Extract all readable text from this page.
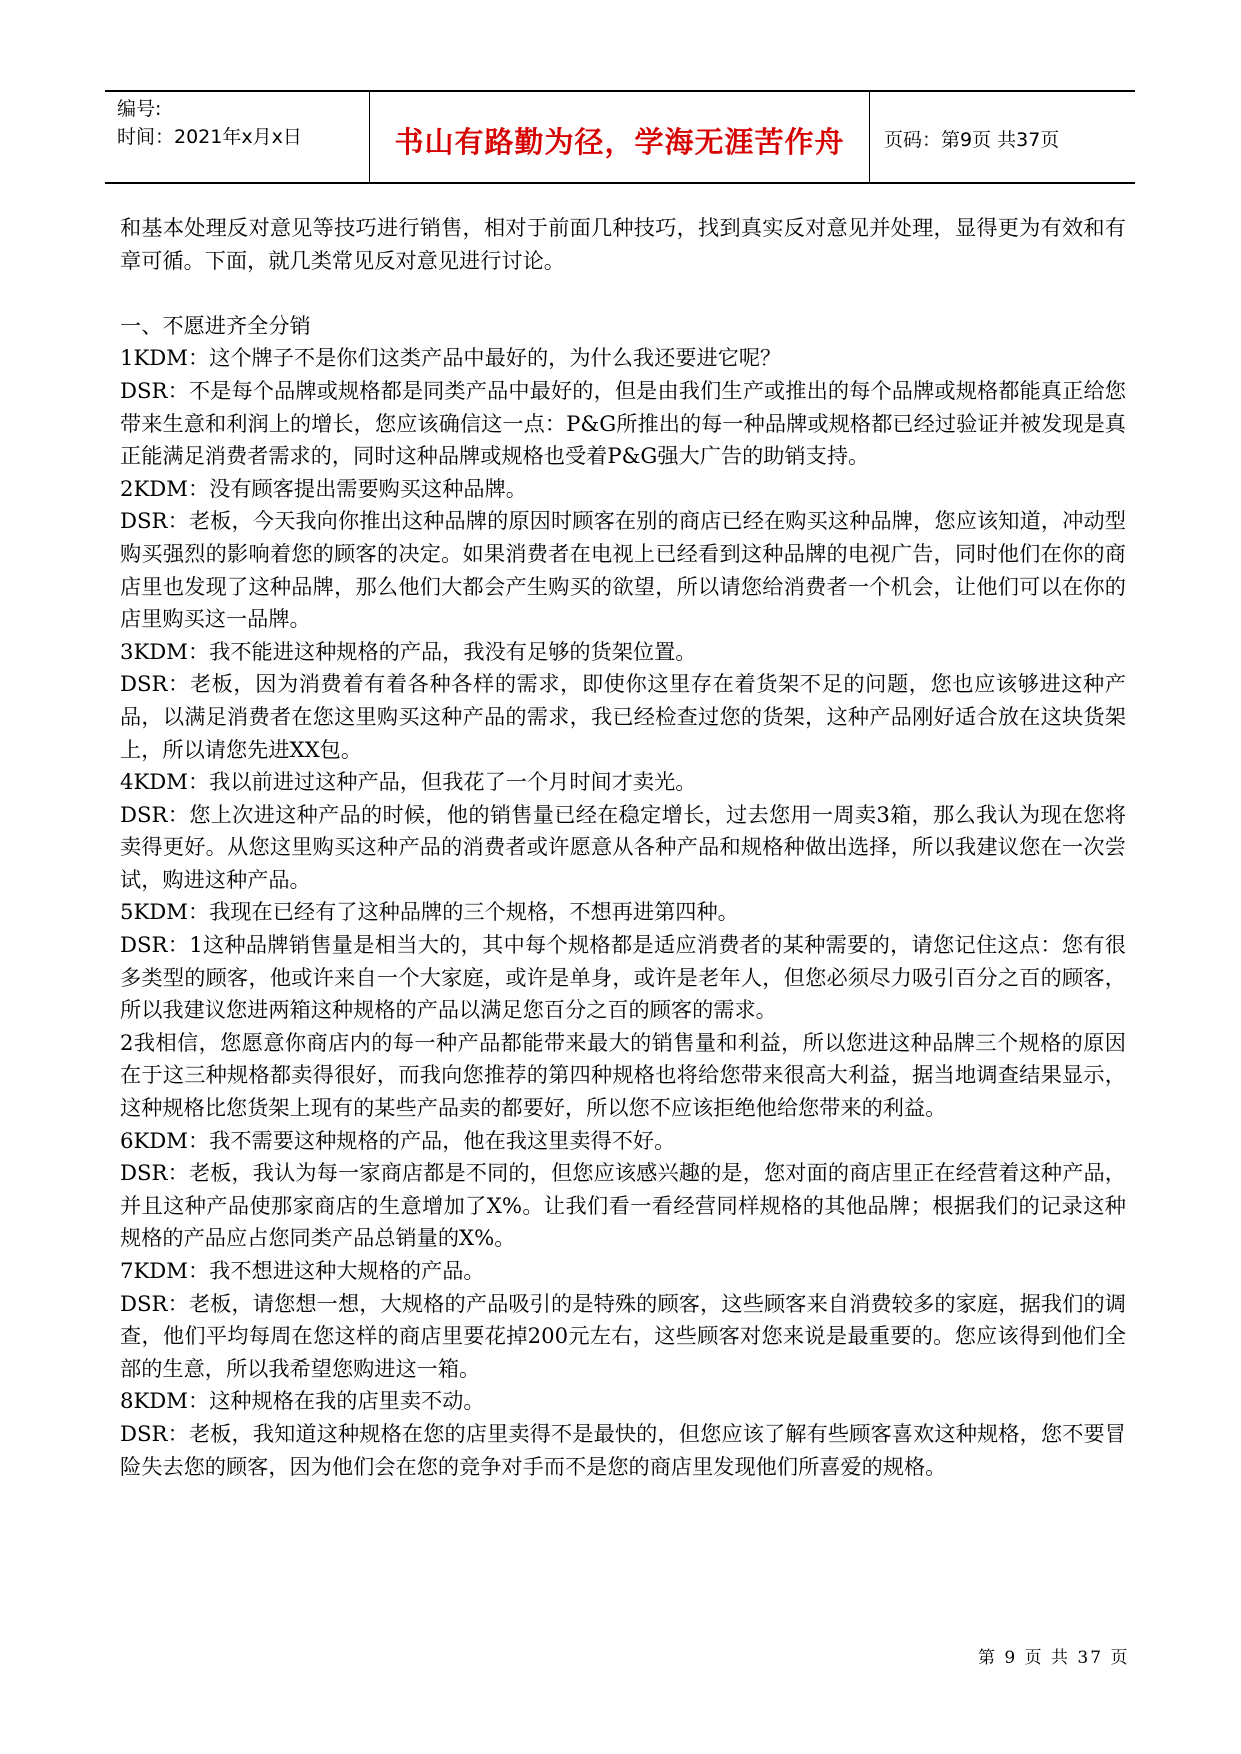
编号:
时间：2021年x月x日	书山有路勤为径，学海无涯苦作舟	页码：第9页 共37页

和基本处理反对意见等技巧进行销售，相对于前面几种技巧，找到真实反对意见并处理，显得更为有效和有章可循。下面，就几类常见反对意见进行讨论。

一、不愿进齐全分销

1KDM：这个牌子不是你们这类产品中最好的，为什么我还要进它呢？

DSR：不是每个品牌或规格都是同类产品中最好的，但是由我们生产或推出的每个品牌或规格都能真正给您带来生意和利润上的增长，您应该确信这一点：P&G所推出的每一种品牌或规格都已经过验证并被发现是真正能满足消费者需求的，同时这种品牌或规格也受着P&G强大广告的助销支持。

2KDM：没有顾客提出需要购买这种品牌。

DSR：老板，今天我向你推出这种品牌的原因时顾客在别的商店已经在购买这种品牌，您应该知道，冲动型购买强烈的影响着您的顾客的决定。如果消费者在电视上已经看到这种品牌的电视广告，同时他们在你的商店里也发现了这种品牌，那么他们大都会产生购买的欲望，所以请您给消费者一个机会，让他们可以在你的店里购买这一品牌。

3KDM：我不能进这种规格的产品，我没有足够的货架位置。

DSR：老板，因为消费着有着各种各样的需求，即使你这里存在着货架不足的问题，您也应该够进这种产品，以满足消费者在您这里购买这种产品的需求，我已经检查过您的货架，这种产品刚好适合放在这块货架上，所以请您先进XX包。

4KDM：我以前进过这种产品，但我花了一个月时间才卖光。

DSR：您上次进这种产品的时候，他的销售量已经在稳定增长，过去您用一周卖3箱，那么我认为现在您将卖得更好。从您这里购买这种产品的消费者或许愿意从各种产品和规格种做出选择，所以我建议您在一次尝试，购进这种产品。

5KDM：我现在已经有了这种品牌的三个规格，不想再进第四种。

DSR：1这种品牌销售量是相当大的，其中每个规格都是适应消费者的某种需要的，请您记住这点：您有很多类型的顾客，他或许来自一个大家庭，或许是单身，或许是老年人，但您必须尽力吸引百分之百的顾客，所以我建议您进两箱这种规格的产品以满足您百分之百的顾客的需求。

2我相信，您愿意你商店内的每一种产品都能带来最大的销售量和利益，所以您进这种品牌三个规格的原因在于这三种规格都卖得很好，而我向您推荐的第四种规格也将给您带来很高大利益，据当地调查结果显示，这种规格比您货架上现有的某些产品卖的都要好，所以您不应该拒绝他给您带来的利益。

6KDM：我不需要这种规格的产品，他在我这里卖得不好。

DSR：老板，我认为每一家商店都是不同的，但您应该感兴趣的是，您对面的商店里正在经营着这种产品，并且这种产品使那家商店的生意增加了X%。让我们看一看经营同样规格的其他品牌；根据我们的记录这种规格的产品应占您同类产品总销量的X%。

7KDM：我不想进这种大规格的产品。

DSR：老板，请您想一想，大规格的产品吸引的是特殊的顾客，这些顾客来自消费较多的家庭，据我们的调查，他们平均每周在您这样的商店里要花掉200元左右，这些顾客对您来说是最重要的。您应该得到他们全部的生意，所以我希望您购进这一箱。

8KDM：这种规格在我的店里卖不动。

DSR：老板，我知道这种规格在您的店里卖得不是最快的，但您应该了解有些顾客喜欢这种规格，您不要冒险失去您的顾客，因为他们会在您的竞争对手而不是您的商店里发现他们所喜爱的规格。

第 9 页 共 37 页
